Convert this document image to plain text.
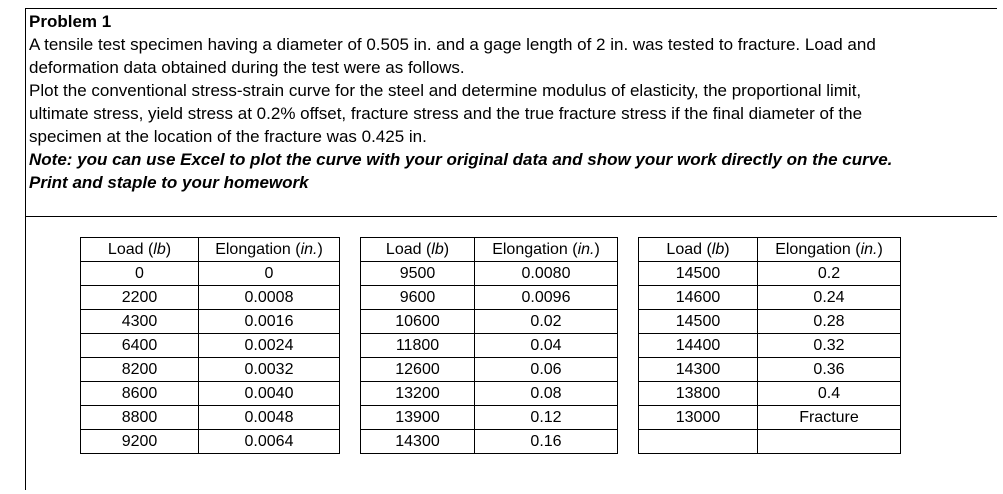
Problem 1

A tensile test specimen having a diameter of 0.505 in. and a gage length of 2 in. was tested to fracture. Load and

deformation data obtained during the test were as follows.

Plot the conventional stress-strain curve for the steel and determine modulus of elasticity, the proportional limit,

ultimate stress, yield stress at 0.2% offset, fracture stress and the true fracture stress if the final diameter of the

specimen at the location of the fracture was 0.425 in.

Note: you can use Excel to plot the curve with your original data and show your work directly on the curve.

Print and staple to your homework

Load (lb)	Elongation (in.)		Load (lb)	Elongation (in.)		Load (lb)	Elongation (in.)
0	0		9500	0.0080		14500	0.2
2200	0.0008		9600	0.0096		14600	0.24
4300	0.0016		10600	0.02		14500	0.28
6400	0.0024		11800	0.04		14400	0.32
8200	0.0032		12600	0.06		14300	0.36
8600	0.0040		13200	0.08		13800	0.4
8800	0.0048		13900	0.12		13000	Fracture
9200	0.0064		14300	0.16			
